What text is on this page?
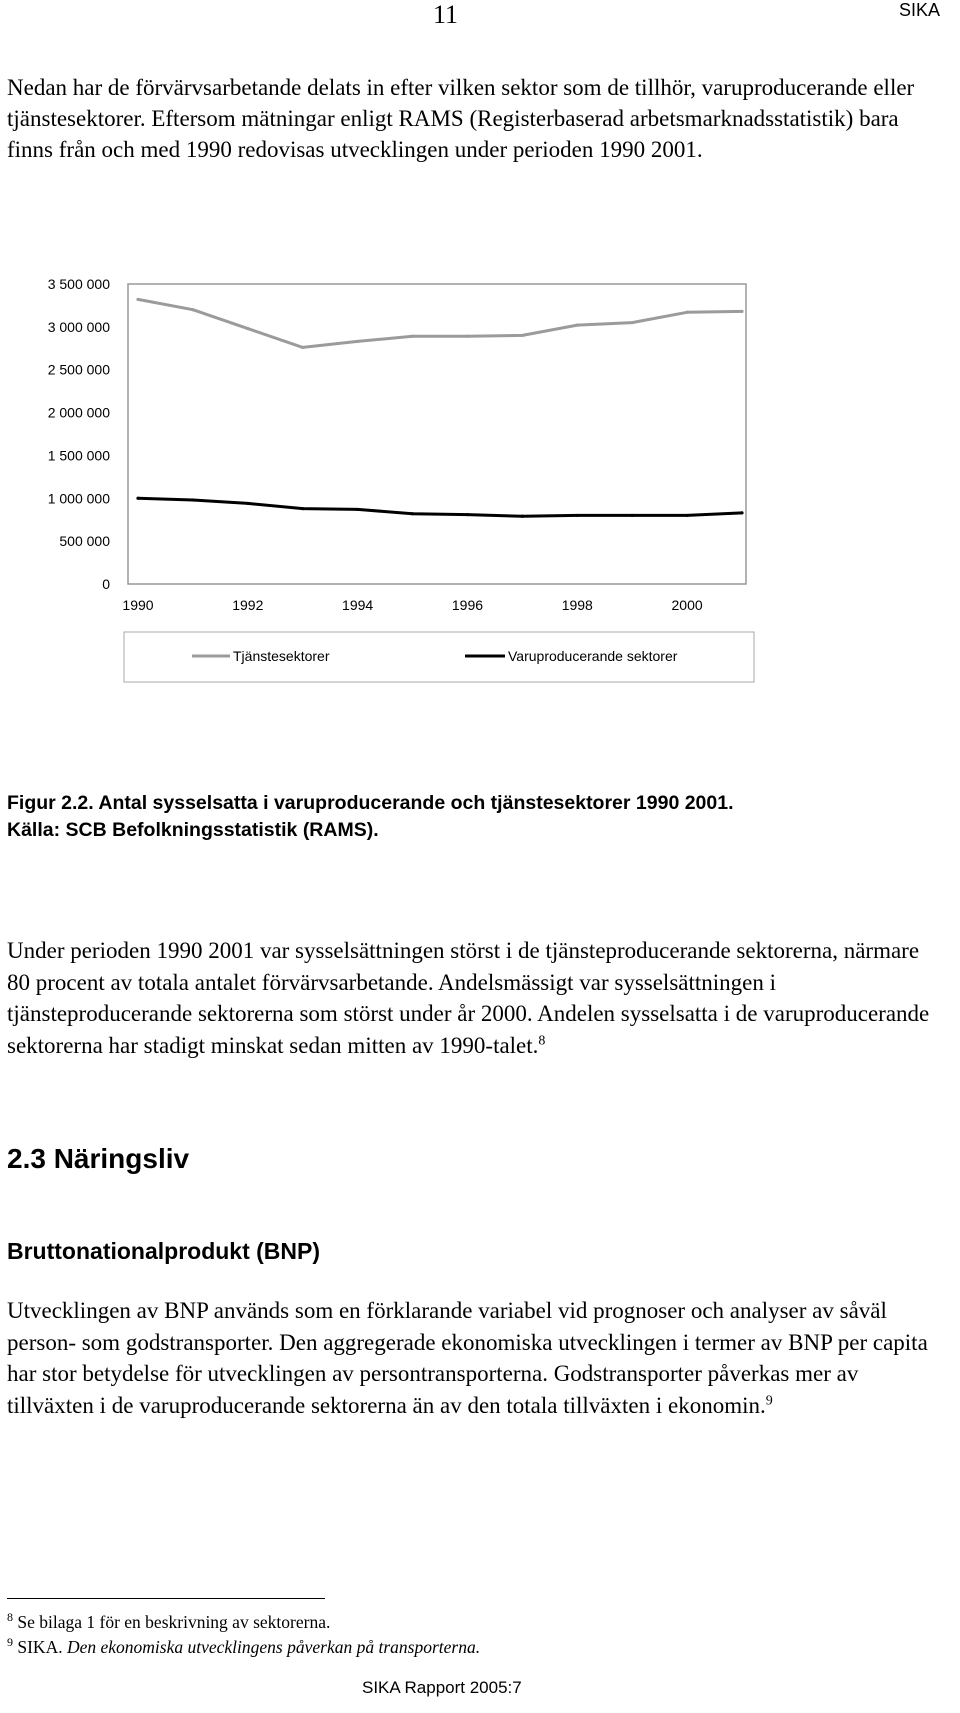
11	SIKA

Nedan har de förvärvsarbetande delats in efter vilken sektor som de tillhör, varuproducerande eller tjänstesektorer. Eftersom mätningar enligt RAMS (Registerbaserad arbetsmarknadsstatistik) bara finns från och med 1990 redovisas utvecklingen under perioden 1990 2001.

3 500 000
3 000 000
2 500 000
2 000 000
1 500 000
1 000 000
500 000
0
1990	1992	1994	1996	1998	2000
Tjänstesektorer	Varuproducerande sektorer
Figur 2.2. Antal sysselsatta i varuproducerande och tjänstesektorer 1990 2001.
Källa: SCB Befolkningsstatistik (RAMS).

Under perioden 1990 2001 var sysselsättningen störst i de tjänsteproducerande sektorerna, närmare 80 procent av totala antalet förvärvsarbetande. Andelsmässigt var sysselsättningen i tjänsteproducerande sektorerna som störst under år 2000. Andelen sysselsatta i de varuproducerande sektorerna har stadigt minskat sedan mitten av 1990-talet.$^8$

2.3 Näringsliv
Bruttonationalprodukt (BNP)

Utvecklingen av BNP används som en förklarande variabel vid prognoser och analyser av såväl person- som godstransporter. Den aggregerade ekonomiska utvecklingen i termer av BNP per capita har stor betydelse för utvecklingen av persontransporterna. Godstransporter påverkas mer av tillväxten i de varuproducerande sektorerna än av den totala tillväxten i ekonomin.$^9$

$^8$ Se bilaga 1 för en beskrivning av sektorerna.
$^9$ SIKA. Den ekonomiska utvecklingens påverkan på transporterna.
SIKA Rapport 2005:7
